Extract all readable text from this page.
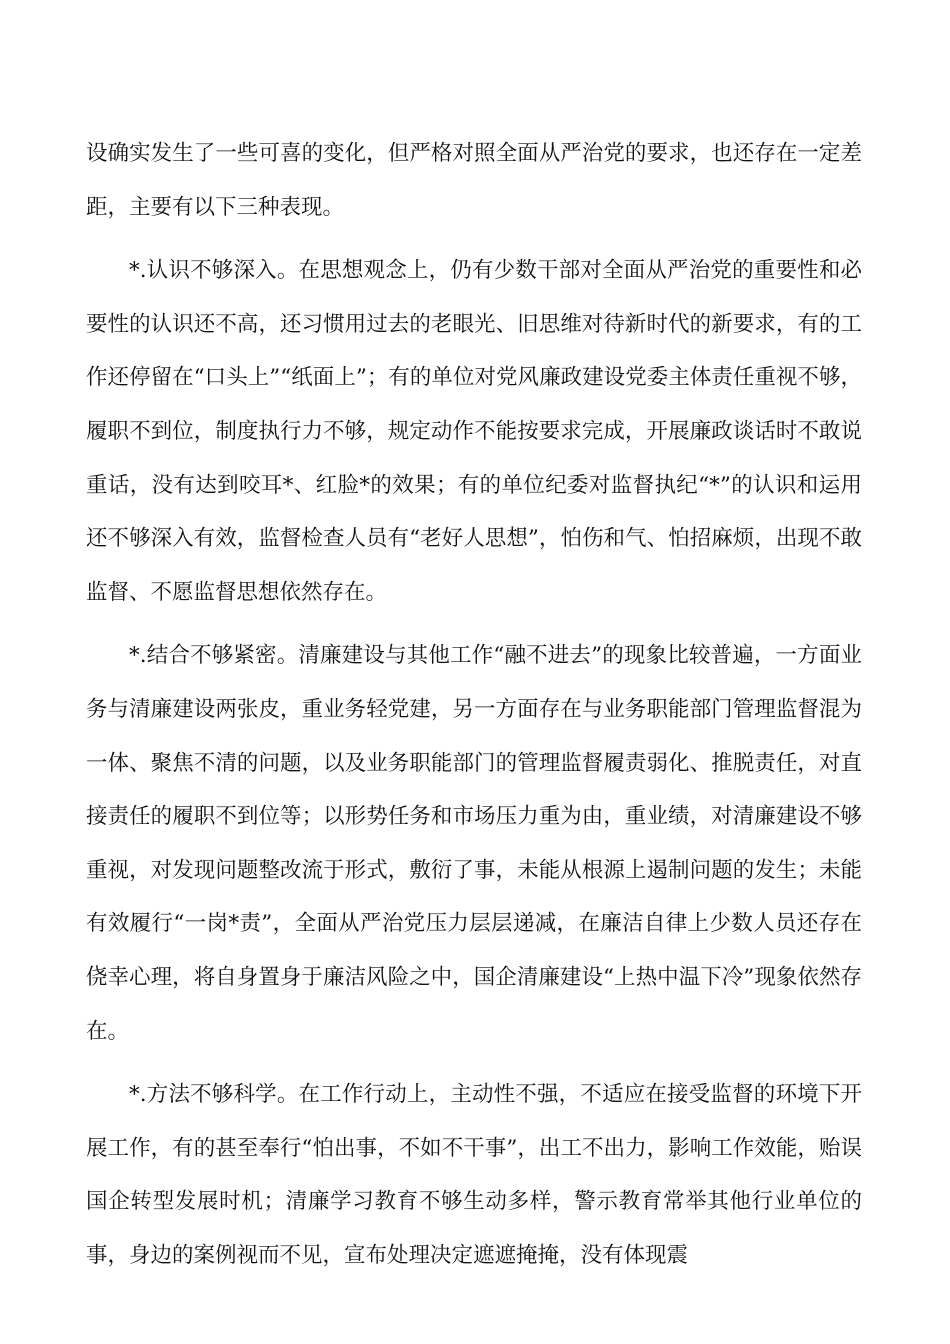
设确实发生了一些可喜的变化，但严格对照全面从严治党的要求，也还存在一定差距，主要有以下三种表现。

*.认识不够深入。在思想观念上，仍有少数干部对全面从严治党的重要性和必要性的认识还不高，还习惯用过去的老眼光、旧思维对待新时代的新要求，有的工作还停留在“口头上”“纸面上”；有的单位对党风廉政建设党委主体责任重视不够，履职不到位，制度执行力不够，规定动作不能按要求完成，开展廉政谈话时不敢说重话，没有达到咬耳*、红脸*的效果；有的单位纪委对监督执纪“*”的认识和运用还不够深入有效，监督检查人员有“老好人思想”，怕伤和气、怕招麻烦，出现不敢监督、不愿监督思想依然存在。

*.结合不够紧密。清廉建设与其他工作“融不进去”的现象比较普遍，一方面业务与清廉建设两张皮，重业务轻党建，另一方面存在与业务职能部门管理监督混为一体、聚焦不清的问题，以及业务职能部门的管理监督履责弱化、推脱责任，对直接责任的履职不到位等；以形势任务和市场压力重为由，重业绩，对清廉建设不够重视，对发现问题整改流于形式，敷衍了事，未能从根源上遏制问题的发生；未能有效履行“一岗*责”，全面从严治党压力层层递减，在廉洁自律上少数人员还存在侥幸心理，将自身置身于廉洁风险之中，国企清廉建设“上热中温下冷”现象依然存在。

*.方法不够科学。在工作行动上，主动性不强，不适应在接受监督的环境下开展工作，有的甚至奉行“怕出事，不如不干事”，出工不出力，影响工作效能，贻误国企转型发展时机；清廉学习教育不够生动多样，警示教育常举其他行业单位的事，身边的案例视而不见，宣布处理决定遮遮掩掩，没有体现震
